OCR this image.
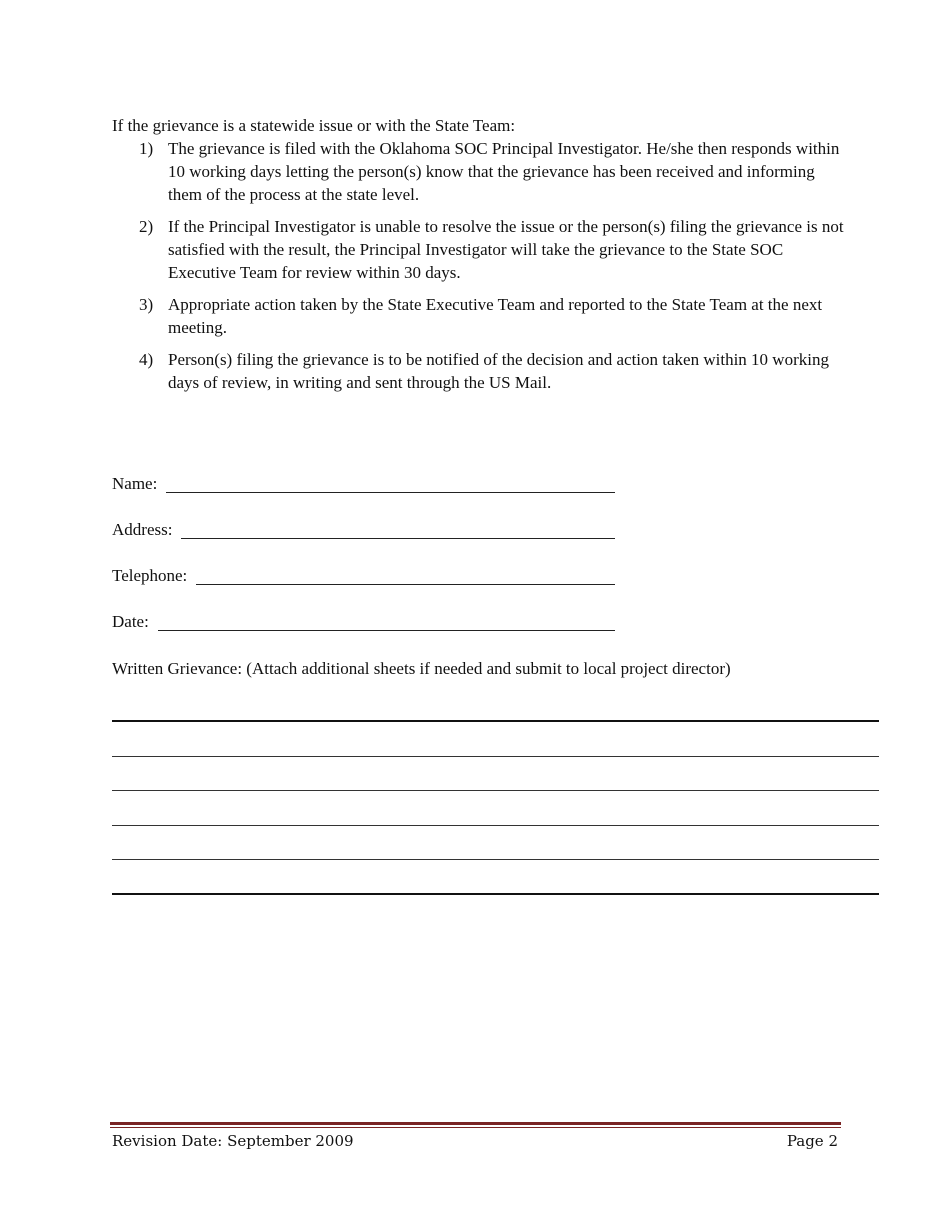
If the grievance is a statewide issue or with the State Team:
1) The grievance is filed with the Oklahoma SOC Principal Investigator. He/she then responds within 10 working days letting the person(s) know that the grievance has been received and informing them of the process at the state level.
2) If the Principal Investigator is unable to resolve the issue or the person(s) filing the grievance is not satisfied with the result, the Principal Investigator will take the grievance to the State SOC Executive Team for review within 30 days.
3) Appropriate action taken by the State Executive Team and reported to the State Team at the next meeting.
4) Person(s) filing the grievance is to be notified of the decision and action taken within 10 working days of review, in writing and sent through the US Mail.
Name:
Address:
Telephone:
Date:
Written Grievance: (Attach additional sheets if needed and submit to local project director)
Revision Date: September 2009	Page 2
